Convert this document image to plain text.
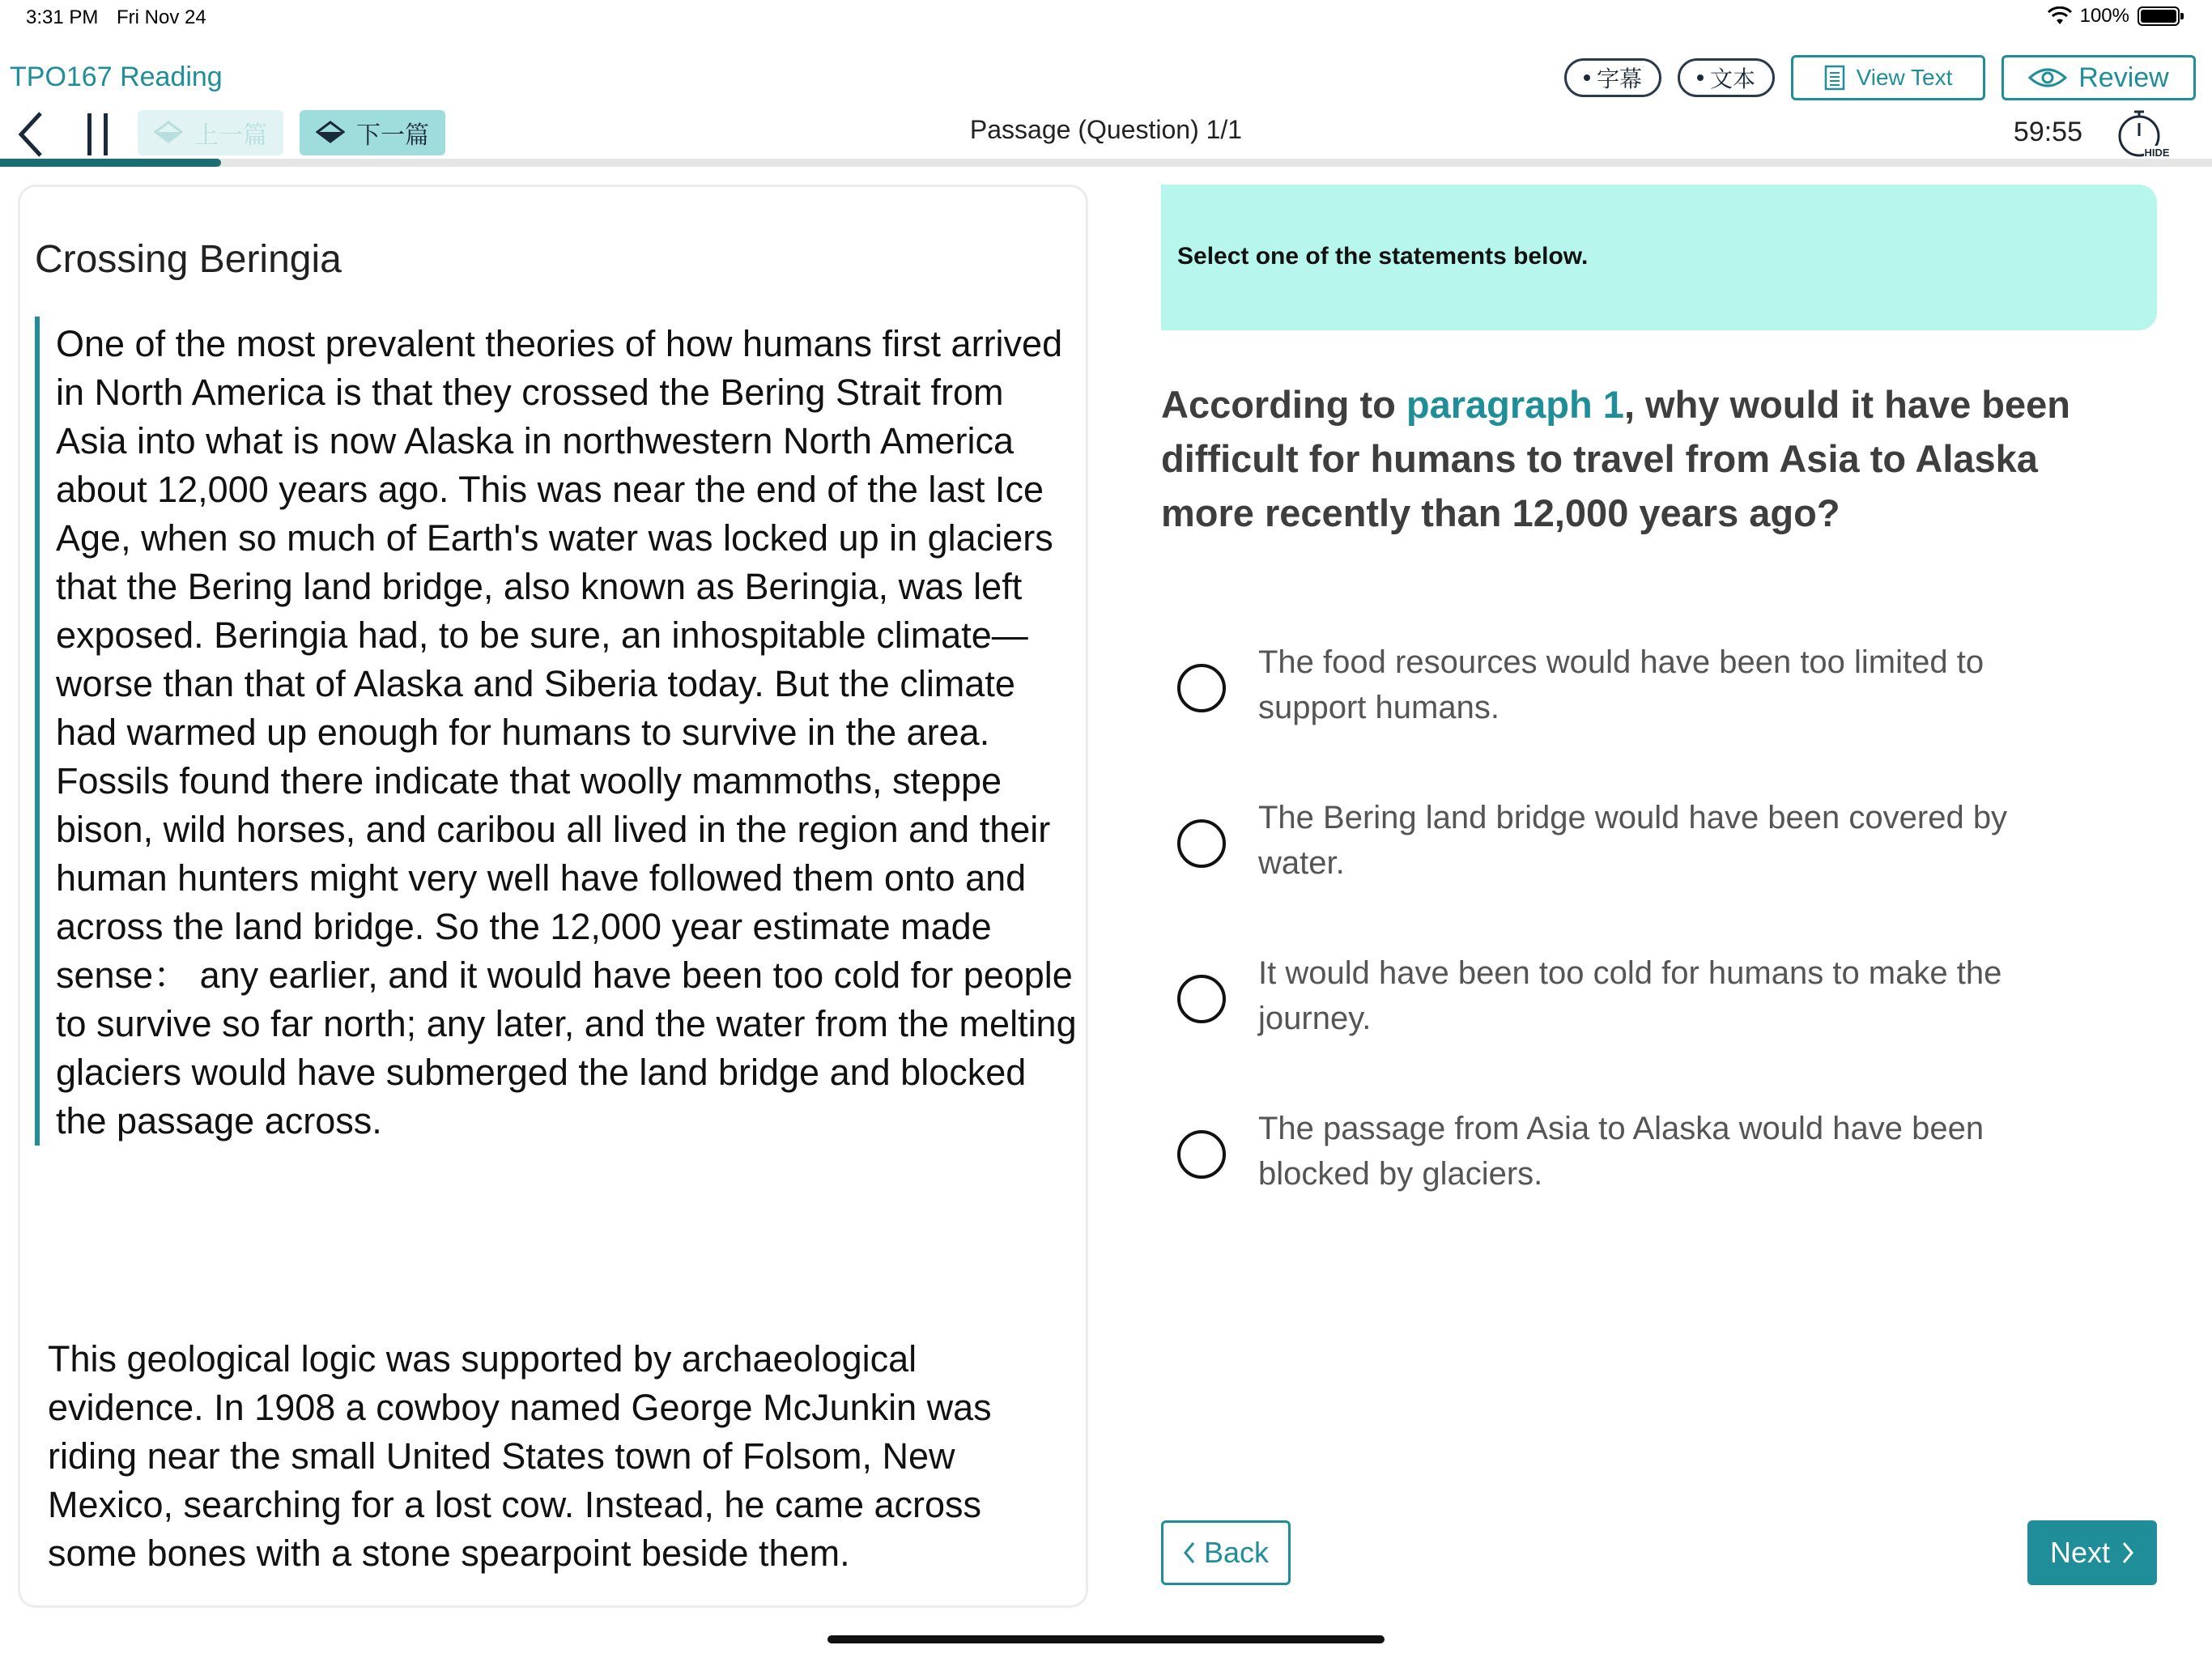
3:31 PM Fri Nov 24	100%
TPO167 Reading	字幕	文本	View Text	Review
上一篇	下一篇	Passage (Question) 1/1	59:55
HIDE
Crossing Beringia
One of the most prevalent theories of how humans first arrived in North America is that they crossed the Bering Strait from Asia into what is now Alaska in northwestern North America about 12,000 years ago. This was near the end of the last Ice Age, when so much of Earth's water was locked up in glaciers that the Bering land bridge, also known as Beringia, was left exposed. Beringia had, to be sure, an inhospitable climate—worse than that of Alaska and Siberia today. But the climate had warmed up enough for humans to survive in the area. Fossils found there indicate that woolly mammoths, steppe bison, wild horses, and caribou all lived in the region and their human hunters might very well have followed them onto and across the land bridge. So the 12,000 year estimate made sense： any earlier, and it would have been too cold for people to survive so far north; any later, and the water from the melting glaciers would have submerged the land bridge and blocked the passage across.
This geological logic was supported by archaeological evidence. In 1908 a cowboy named George McJunkin was riding near the small United States town of Folsom, New Mexico, searching for a lost cow. Instead, he came across some bones with a stone spearpoint beside them.
Select one of the statements below.
According to paragraph 1, why would it have been difficult for humans to travel from Asia to Alaska more recently than 12,000 years ago?
The food resources would have been too limited to support humans.
The Bering land bridge would have been covered by water.
It would have been too cold for humans to make the journey.
The passage from Asia to Alaska would have been blocked by glaciers.
Back	Next
